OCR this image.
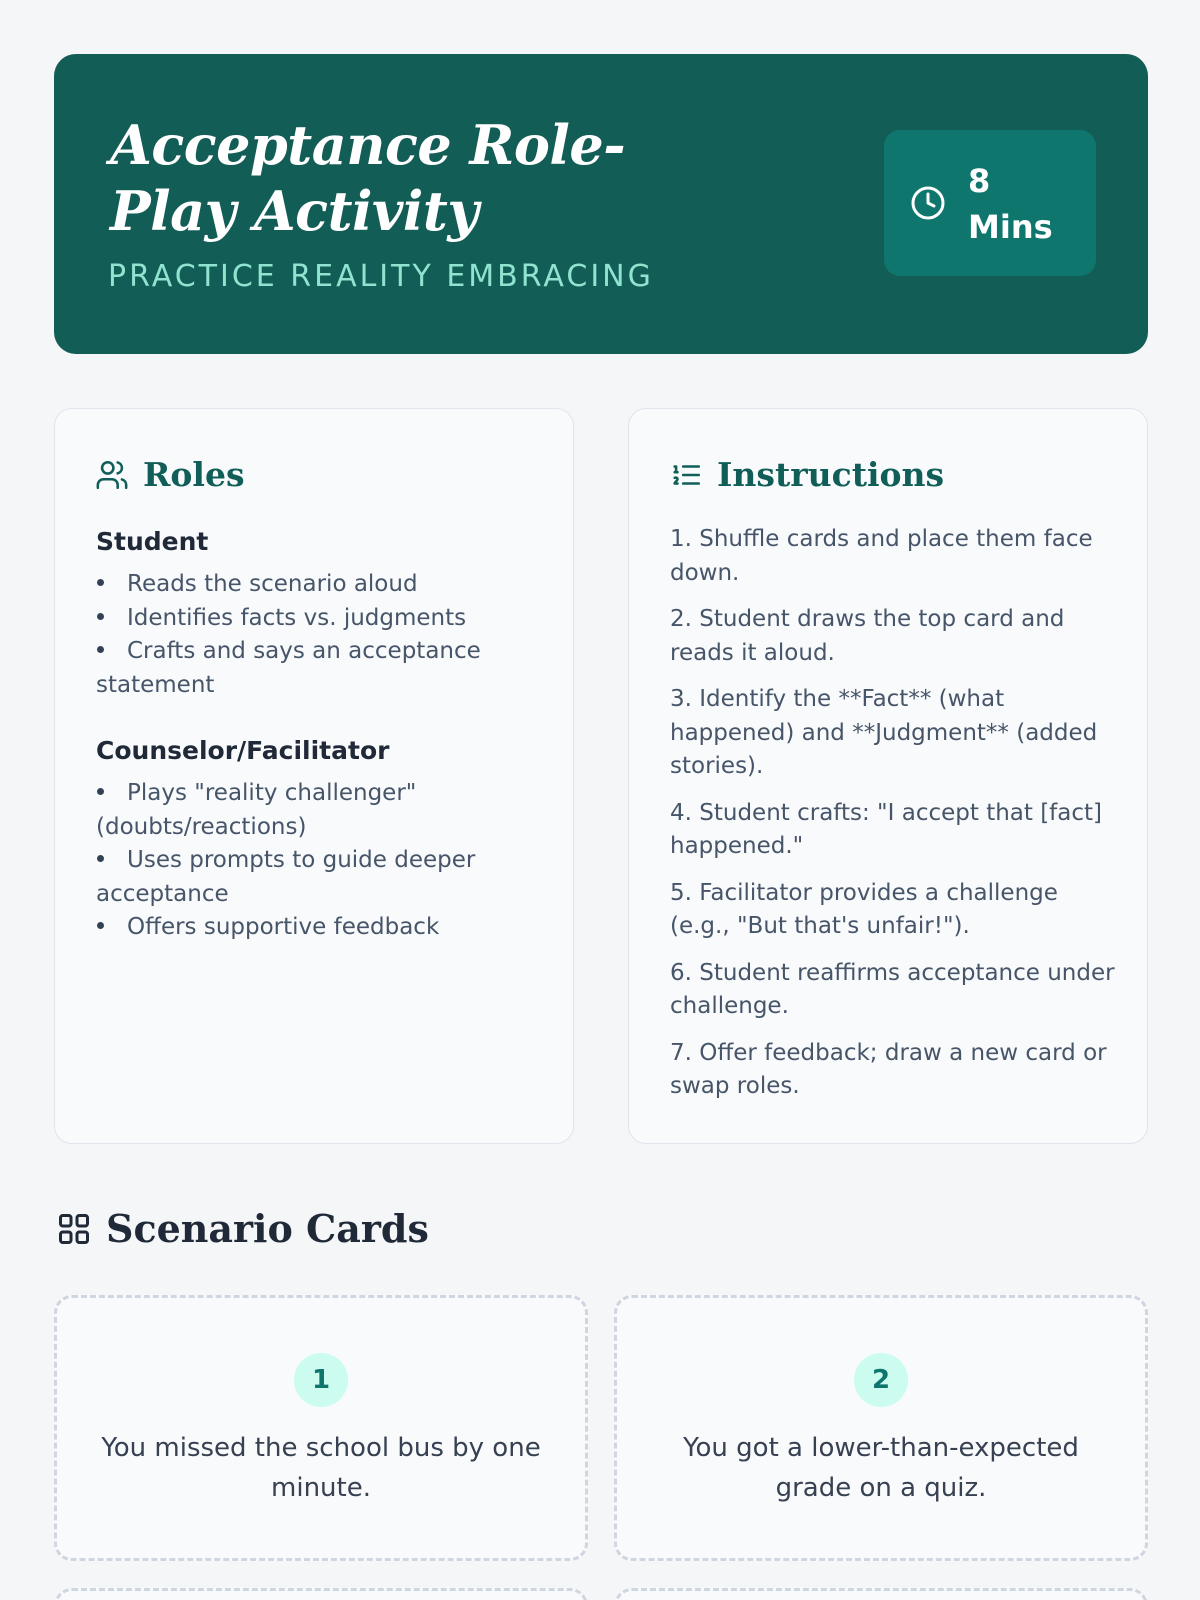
Acceptance Role-Play Activity
PRACTICE REALITY EMBRACING
8 Mins
Roles
Student
Reads the scenario aloud
Identifies facts vs. judgments
Crafts and says an acceptance statement
Counselor/Facilitator
Plays "reality challenger" (doubts/reactions)
Uses prompts to guide deeper acceptance
Offers supportive feedback
Instructions
1. Shuffle cards and place them face down.
2. Student draws the top card and reads it aloud.
3. Identify the **Fact** (what happened) and **Judgment** (added stories).
4. Student crafts: "I accept that [fact] happened."
5. Facilitator provides a challenge (e.g., "But that's unfair!").
6. Student reaffirms acceptance under challenge.
7. Offer feedback; draw a new card or swap roles.
Scenario Cards
1
You missed the school bus by one minute.
2
You got a lower-than-expected grade on a quiz.
